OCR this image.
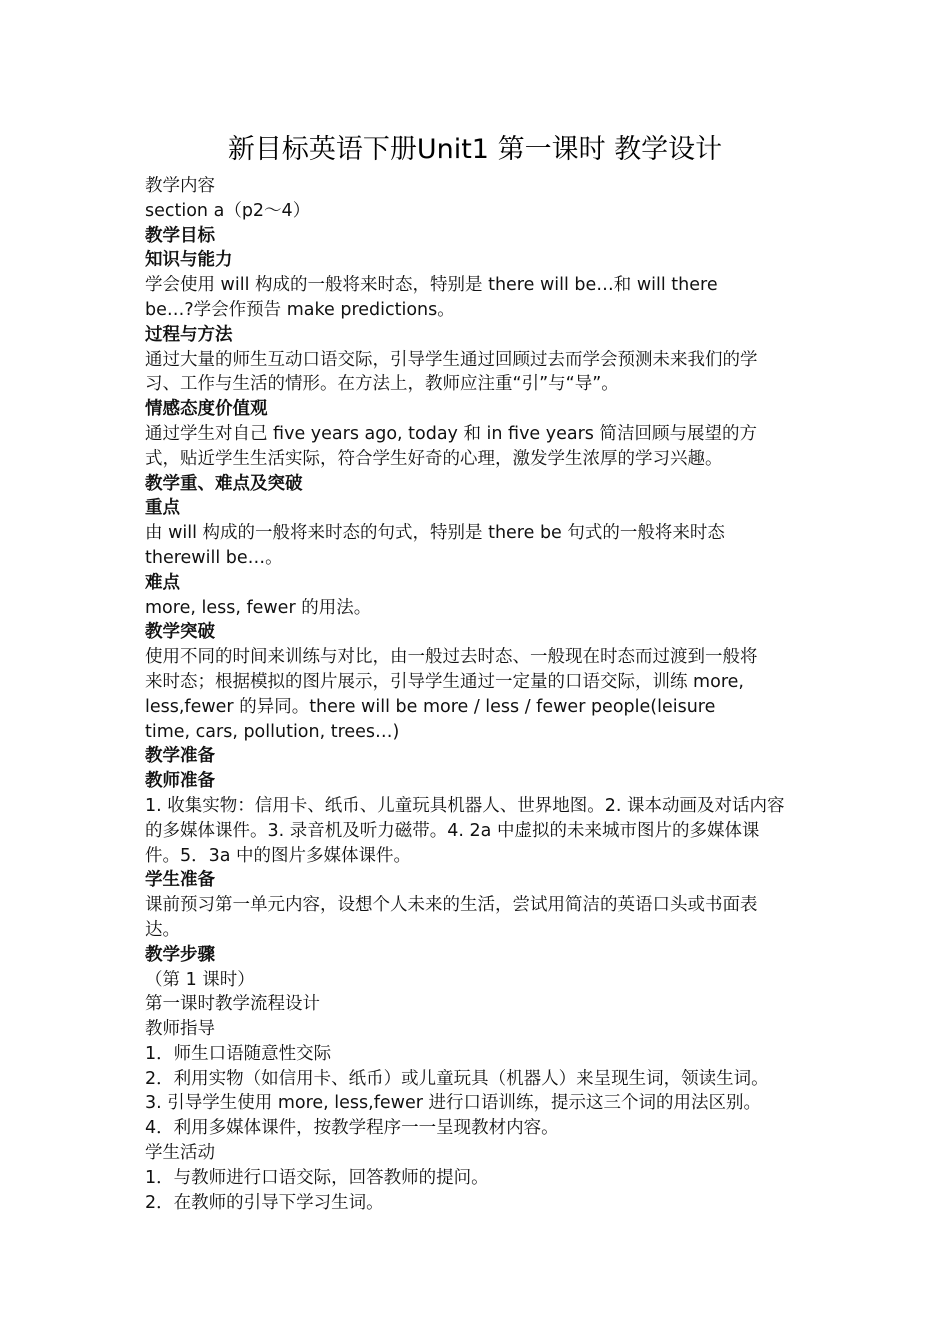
新目标英语下册Unit1 第一课时 教学设计
教学内容
section a（p2～4）
教学目标
知识与能力
学会使用 will 构成的一般将来时态，特别是 there will be…和 will there
be…?学会作预告 make predictions。
过程与方法
通过大量的师生互动口语交际，引导学生通过回顾过去而学会预测未来我们的学
习、工作与生活的情形。在方法上，教师应注重“引”与“导”。
情感态度价值观
通过学生对自己 five years ago, today 和 in five years 简洁回顾与展望的方
式，贴近学生生活实际，符合学生好奇的心理，激发学生浓厚的学习兴趣。
教学重、难点及突破
重点
由 will 构成的一般将来时态的句式，特别是 there be 句式的一般将来时态
therewill be…。
难点
more, less, fewer 的用法。
教学突破
使用不同的时间来训练与对比，由一般过去时态、一般现在时态而过渡到一般将
来时态；根据模拟的图片展示，引导学生通过一定量的口语交际，训练 more,
less,fewer 的异同。there will be more / less / fewer people(leisure
time, cars, pollution, trees…)
教学准备
教师准备
1. 收集实物：信用卡、纸币、儿童玩具机器人、世界地图。2. 课本动画及对话内容
的多媒体课件。3. 录音机及听力磁带。4. 2a 中虚拟的未来城市图片的多媒体课
件。5．3a 中的图片多媒体课件。
学生准备
课前预习第一单元内容，设想个人未来的生活，尝试用简洁的英语口头或书面表
达。
教学步骤
（第 1 课时）
第一课时教学流程设计
教师指导
1．师生口语随意性交际
2．利用实物（如信用卡、纸币）或儿童玩具（机器人）来呈现生词，领读生词。
3. 引导学生使用 more, less,fewer 进行口语训练，提示这三个词的用法区别。
4．利用多媒体课件，按教学程序一一呈现教材内容。
学生活动
1．与教师进行口语交际，回答教师的提问。
2．在教师的引导下学习生词。
